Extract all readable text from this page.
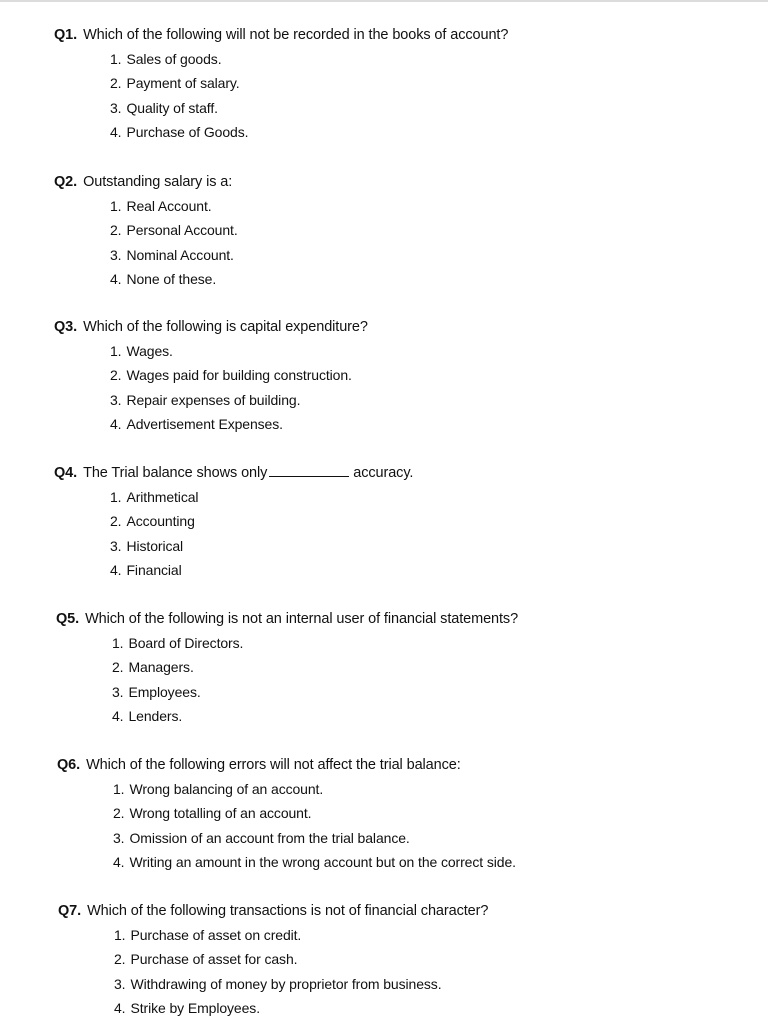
Q1. Which of the following will not be recorded in the books of account?
1. Sales of goods.
2. Payment of salary.
3. Quality of staff.
4. Purchase of Goods.
Q2. Outstanding salary is a:
1. Real Account.
2. Personal Account.
3. Nominal Account.
4. None of these.
Q3. Which of the following is capital expenditure?
1. Wages.
2. Wages paid for building construction.
3. Repair expenses of building.
4. Advertisement Expenses.
Q4. The Trial balance shows only	accuracy.
1. Arithmetical
2. Accounting
3. Historical
4. Financial
Q5. Which of the following is not an internal user of financial statements?
1. Board of Directors.
2. Managers.
3. Employees.
4. Lenders.
Q6. Which of the following errors will not affect the trial balance:
1. Wrong balancing of an account.
2. Wrong totalling of an account.
3. Omission of an account from the trial balance.
4. Writing an amount in the wrong account but on the correct side.
Q7. Which of the following transactions is not of financial character?
1. Purchase of asset on credit.
2. Purchase of asset for cash.
3. Withdrawing of money by proprietor from business.
4. Strike by Employees.
